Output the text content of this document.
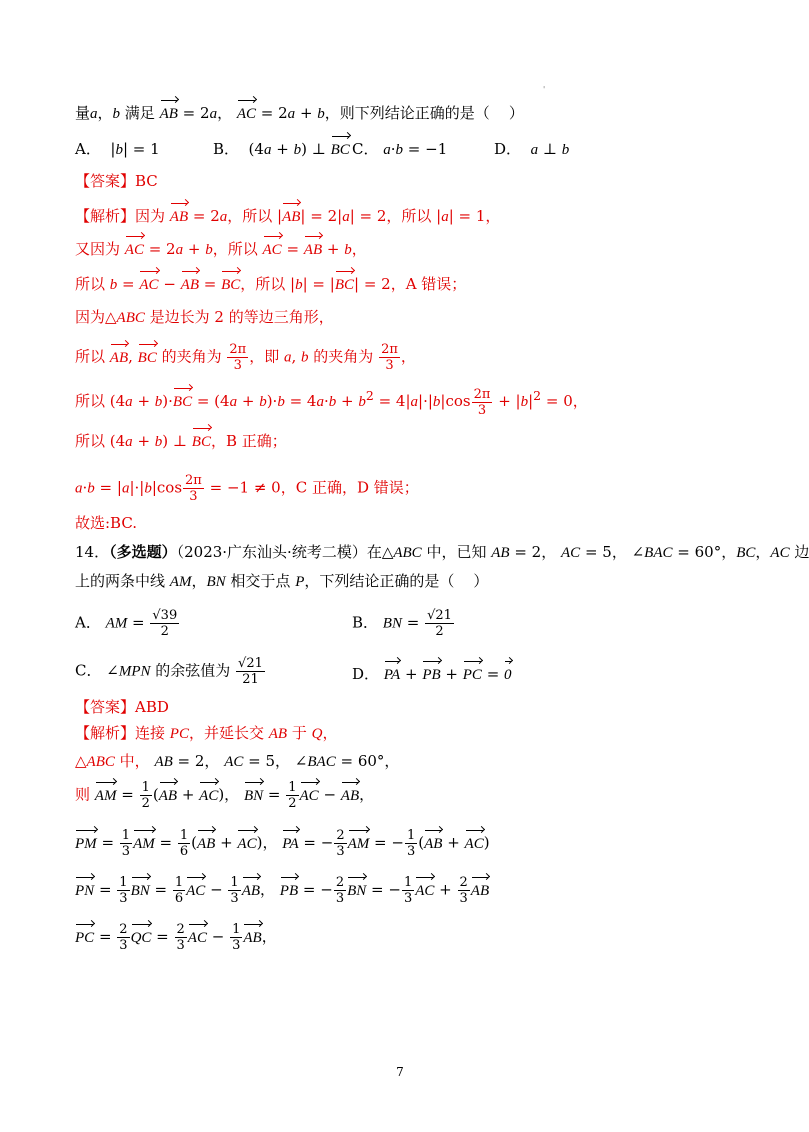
'
量a，b 满足 AB = 2a， AC = 2a + b，则下列结论正确的是（    ）
A．  |b| = 1	B．  (4a + b) ⊥ BC C． a·b = −1	D．  a ⊥ b
【答案】BC
【解析】因为 AB = 2a，所以 |AB| = 2|a| = 2，所以 |a| = 1，
又因为 AC = 2a + b，所以 AC = AB + b，
所以 b = AC − AB = BC，所以 |b| = |BC| = 2，A 错误；
因为△ABC 是边长为 2 的等边三角形，
所以 AB, BC 的夹角为 $\frac{2\pi}{3}$ ，即 a, b 的夹角为 $\frac{2\pi}{3}$ ，
所以 $(4a + b)\cdot BC = (4a + b)\cdot b = 4a\cdot b + b^2 = 4|a|\cdot|b|\cos \frac{2\pi}{3} + |b|^2 = 0$，
所以 (4a + b) ⊥ BC，B 正确；
$a\cdot b = |a|\cdot|b|\cos \frac{2\pi}{3} = -1 \ne 0$，C 正确，D 错误；
故选:BC.
14．（多选题）（2023·广东汕头·统考二模）在△ABC 中，已知 AB = 2， AC = 5， ∠BAC = 60°，BC，AC 边
上的两条中线 AM，BN 相交于点 P，下列结论正确的是（    ）
A． AM = $\frac{√39}{2}$	B． BN = $\frac{√21}{2}$
C． ∠MPN 的余弦值为 $\frac{√21}{21}$	D． PA + PB + PC = 0
【答案】ABD
【解析】连接 PC，并延长交 AB 于 Q，
△ABC 中， AB = 2， AC = 5， ∠BAC = 60°，
则 AM = $\frac{1}{2} (AB + AC)$， BN = $\frac{1}{2}$ AC − AB，
PM = $\frac{1}{3}$ AM = $\frac{1}{6} (AB + AC)$， PA = − $\frac{2}{3}$ AM = − $\frac{1}{3} (AB + AC)$
PN = $\frac{1}{3}$ BN = $\frac{1}{6}$ AC − $\frac{1}{3}$ AB， PB = − $\frac{2}{3}$ BN = − $\frac{1}{3}$ AC + $\frac{2}{3}$ AB
PC = $\frac{2}{3}$ QC = $\frac{2}{3}$ AC − $\frac{1}{3}$ AB，
7
